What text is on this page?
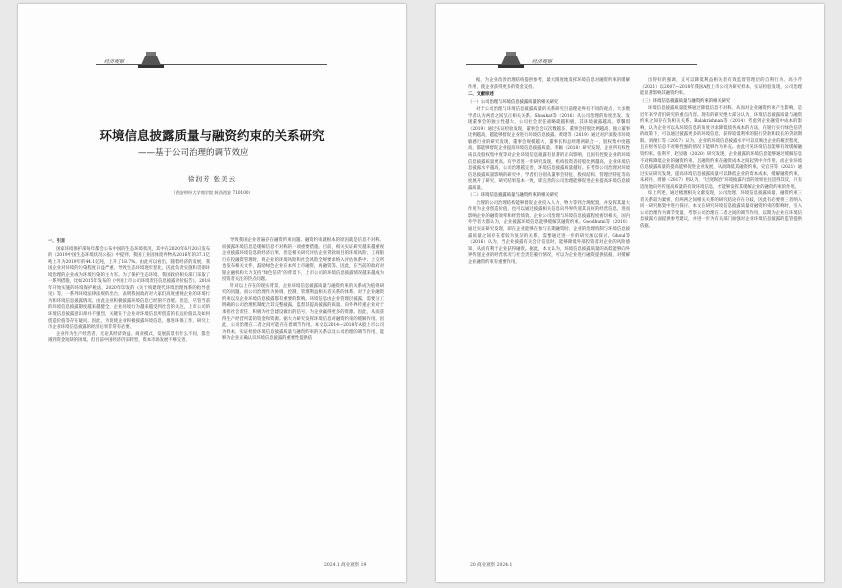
经济观察
环境信息披露质量与融资约束的关系研究
——基于公司治理的调节效应
徐润芳 张美云
（西安财经大学商学院 陕西西安 710100）
一、引言

国家环境保护部每年都会公布中国的生态环境状况，其中在2020年6月20日发布的《2019中国生态环境状况公报》中提到，我国工业固体废弃物从2016年的37.1亿吨上升为2019年的44.1亿吨，上升了18.7%。由此可以看出，随着经济的发展，我国企业对环境的污染程度日益严重，导致生态环境逐步恶化，因此负责实施和贯彻环境治理的企业成为环境污染的主力军。为了保护生态环境，我国政府相关部门采取了一系列措施，比如2015年发布的《中国上市公司环境责任信息披露评价报告》，2018年开始实施的环境保护税法，2020年印发的《关于构建现代环境治理体系的指导意见》等，一系列环境法律法规的出台，表明我国政府对大家们高度重视企业的环境行为和环境信息披露情况。由此企业积极披露环境信息已经刻不容缓。但是，尽管当前的环境信息披露制度越来越健全，企业环境行为越来越受到社会的关注，上市公司的环境信息披露意识却并不强烈，关键在于企业对环境信息所创造的长远价值以及如何创造价值等存在疑问。因此，为促使企业积极披露环境信息，推进环保工作，研究上市企业环境信息披露的经济后果非常有必要。

企业作为生产经营者，无论其经济效益、商业模式、发展前景有什么不同，都会遇到资金短缺的困境。但目前中国经济仍旧转型，资本市场发展不够完善，

导致我国企业普遍存在融资约束问题。融资约束就根本的原因就是信息不对称，而披露环境信息是缓解信息不对称的一项重要措施。目前，相关实证研究越来越重视企业披露环境信息的经济后果，但是相关研究评估企业贷款项目的环境风险；工商银行在投融资管理时，将企业的环境风险和社会风险全规要求纳入评估体系中；上交所也发布相关文件，鼓励绿色企业在本所上市融资，再融资等。因此，在当前的政府对银企融机构大力支持“绿色信贷”的背景下，上市公司的环境信息披露情况越来越成为投资者关注的热点问题。

针对以上存在的现实背景，企业环境信息披露质量与融资约束的关系成为值得研究的问题。而公司治理作为协调、控制、管理利益相关者关系的体系，对于企业融资约束以及企业环境信息披露都有重要的影响。环境信息由企业管理层披露，需要分工明确的公司治理机制配合其完整披露，监督其提高披露的质量。向外界传递企业对于承担社会责任、积极为社会建设做出的信号，为企业赢得更多的资源。因此，从而获得生产经营所需的资金和资源。据大力研究发挥环境信息对融资约束的缓解作用。因此，公司治理在二者之间可能存在着调节作用。本文以2014—2018年A股上市公司为样本，实证检验环境信息披露质量与融资约束的关系以及公司治理的调节作用，能够为企业正确认识环境信息披露的重要性提供依

2024.1 商业观察 19
经济观察

据，为企业改善治理结构提供参考，最大限度地发挥环境信息对融资约束的缓解作用，使企业获得更多的资金支持。

二、文献综述
（一）公司治理与环境信息披露质量的相关研究

对于公司治理与环境信息披露质量的关系研究目前理论界有不同的观点，大多数学者认为两者之间呈正相关关系。Shaukat等（2016）从公司治理的角度出发，发现董事会的独立性越大，公司社会责任战略就越积极，其环境披露越高。覃馨琪（2019）通过实证检验发现，董事会会议次数越多、董事会持股比例越高、独立董事比例越高，越能够督促企业进行环境信息披露。黄珺等（2019）通过对沪深股市环境敏感行业的研究发现，董事会规模越大，董事长和总经理两职合一、股权集中度越高，都能够督促企业提高环境信息披露质量。李颖（2018）研究发现，企业所有权性质以及股权集中度等对企业环境信息披露有显著的正向影响，且国有控股企业的环境信息披露质量更高。有学者进一步研究发现，机构投资者持股比例越高，企业环境信息披露水平越高，公司治理越完善，环境信息披露质量越好。在考察公司治理对环境信息披露质量影响的研究中，学者们分别从董事会特征、股权结构、管理层特征等角度展开了研究，研究结果基本一致，即完善的公司治理能够促进企业提高环境信息披露质量。

（二）环境信息披露质量与融资约束的相关研究

合理的公司治理结构能够督促企业投入人力、物力等到合规配置，并发挥其最大作用为企业创造价值，也可以通过披露相关信息向外界传递其良好的经营信息，进而影响企业的融资效率和经营绩效。企业公司治理与环境信息披露程度密切相关，国内外学者大都认为，企业披露环境信息能够缓解其融资约束。Goodhumi等（2010）通过实证研究发现，即在企业能够在参与长期融资时，企业的治理机制与环境信息披露质量之间存在着较为复杂的关系，需要通过进一步的研究加以探讨。Ghoul等（2016）认为，当企业披露有关会计信息时，能够降低外部投资者对企业的风险感知，从而有利于企业获得融资。据此，本文认为，环境信息披露质量的高低能够向外界传递企业的经营状况与社会责任履行情况，可以为企业进行融资提供依据，对缓解企业融资约束有重要作用。

出得好的强调，又可以降低利益相关者有效监督管理层的自利行为。高小芹（2021）以2007—2018年我国A股上市公司为研究样本，实证检验发现，公司治理能显著影响其融资约束。

（三）环境信息披露质量与融资约束的相关研究

环境信息披露质量能够通过降低信息不对称、从而对企业融资约束产生影响，是近年来学者们研究的重点内容。现有的研究绝大部分认为，环境信息披露质量与融资约束之间存在负相关关系。Balakrishnan等（2014）考虑到企业融资中成本的影响，认为企业可以从环境信息的角度寻求降低债务成本的方法，在银行实行绿色信贷的政策下，可以通过披露更多的环境信息，获得较低利率的银行贷款和较长的贷款期限。刘俊仁等（2017）认为，企业的环境信息披露水平可以反映出企业的履责程度，且在财务信息不对称性强的情况下能够作为补充。由此可见环境信息能够有效缓解融资约束。张利平、赵显敏（2020）研究发现，企业披露的环境信息能够通过缓解信息不对称降低企业的融资约束，且融资约束在融资成本之间起到中介作用。而企业环境信息披露质量的提高能够促进企业发展，从而降低其融资约束。史官芬等（2021）通过实证研究发现，提高环境信息披露质量可以降低企业的资本成本，缓解融资约束。朱莉丹、周静（2017）则认为，“过度陶冶”环境披露内容的效果往往适得其反，只有适度地向外传递高质量的有效环境信息，才能够发挥其缓解企业的融资约束的作用。

综上所述，通过梳理相关文献发现，公司治理、环境信息披露质量、融资约束三者关系较为紧密，但两两之间相关关系的研究结论存在分歧，因此有必要将三者纳入同一研究框架中进行探讨。本文在研究环境信息披露质量对融资约束的影响时，引入公司治理作为调节变量，考察公司治理在二者之间的调节作用，以期为企业在环境信息披露方面提供参考建议，并进一步为有关部门加强对企业环境信息披露的监管提供依据。

20 商业观察 2024.1
